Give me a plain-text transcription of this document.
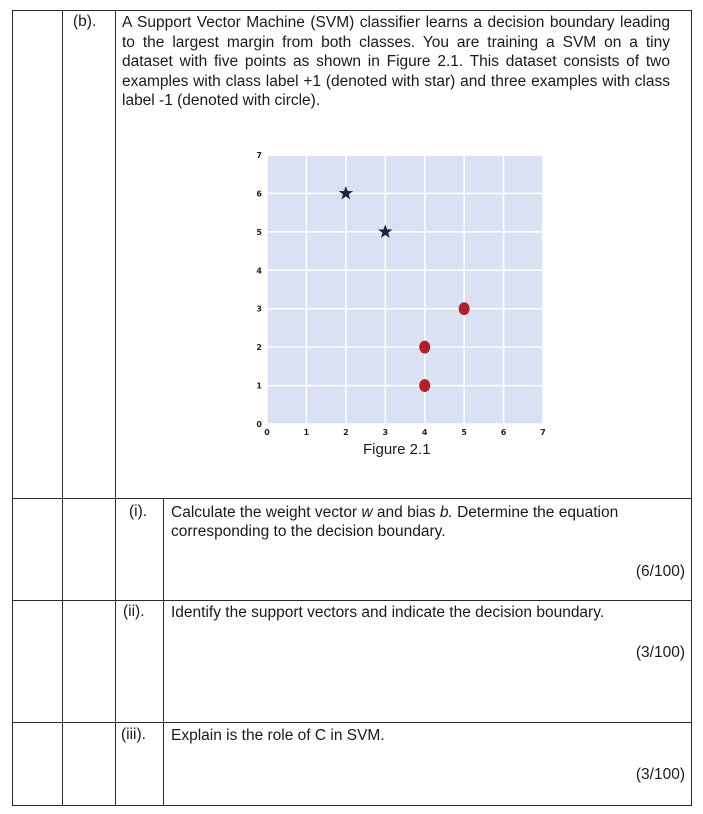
(b). A Support Vector Machine (SVM) classifier learns a decision boundary leading to the largest margin from both classes. You are training a SVM on a tiny dataset with five points as shown in Figure 2.1. This dataset consists of two examples with class label +1 (denoted with star) and three examples with class label -1 (denoted with circle).
0	1	2	3	4	5	6	7
0
1
2
3
4
5
6
7
Figure 2.1
(i). Calculate the weight vector w and bias b. Determine the equation corresponding to the decision boundary.
(6/100)
(ii). Identify the support vectors and indicate the decision boundary.
(3/100)
(iii). Explain is the role of C in SVM.
(3/100)
